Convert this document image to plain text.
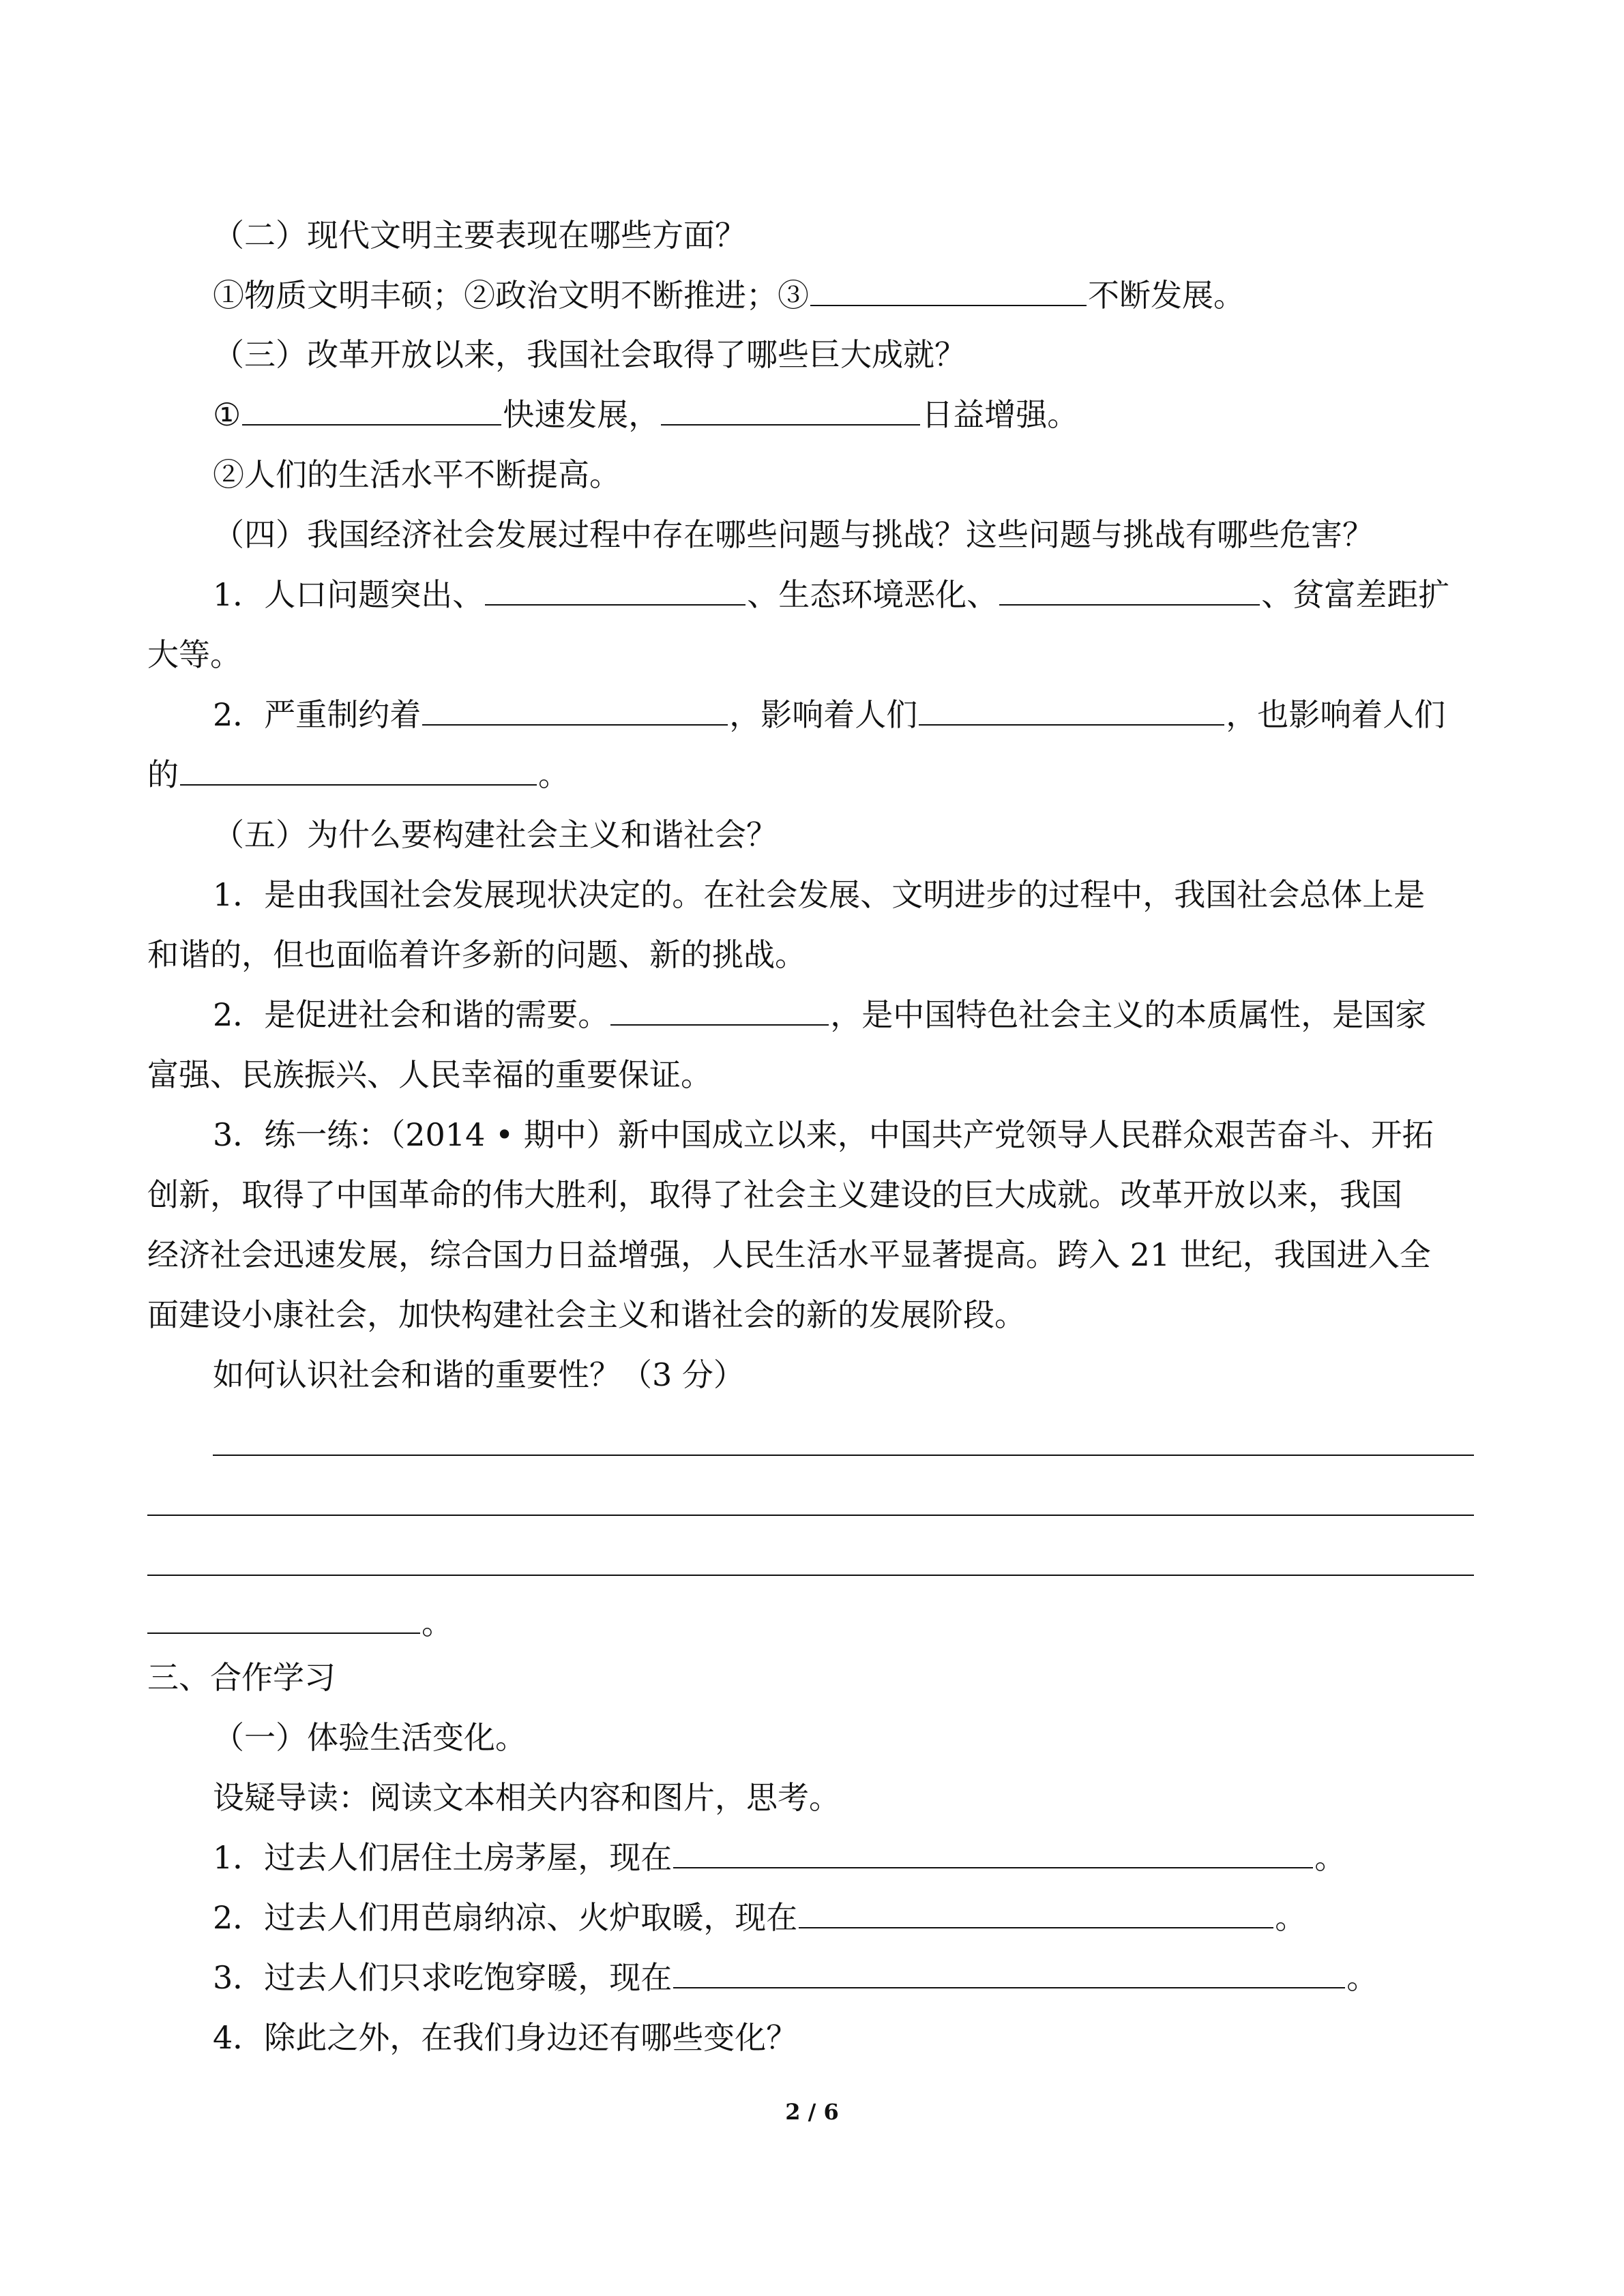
（二）现代文明主要表现在哪些方面？
①物质文明丰硕；②政治文明不断推进；③	不断发展。
（三）改革开放以来，我国社会取得了哪些巨大成就？
①	快速发展，	日益增强。
②人们的生活水平不断提高。
（四）我国经济社会发展过程中存在哪些问题与挑战？这些问题与挑战有哪些危害？
1．人口问题突出、	、生态环境恶化、	、贫富差距扩
大等。
2．严重制约着	，影响着人们	，也影响着人们
的	。
（五）为什么要构建社会主义和谐社会？
1．是由我国社会发展现状决定的。在社会发展、文明进步的过程中，我国社会总体上是
和谐的，但也面临着许多新的问题、新的挑战。
2．是促进社会和谐的需要。	，是中国特色社会主义的本质属性，是国家
富强、民族振兴、人民幸福的重要保证。
3．练一练：（2014 • 期中）新中国成立以来，中国共产党领导人民群众艰苦奋斗、开拓
创新，取得了中国革命的伟大胜利，取得了社会主义建设的巨大成就。改革开放以来，我国
经济社会迅速发展，综合国力日益增强，人民生活水平显著提高。跨入 21 世纪，我国进入全
面建设小康社会，加快构建社会主义和谐社会的新的发展阶段。
如何认识社会和谐的重要性？（3 分）
。
三、合作学习
（一）体验生活变化。
设疑导读：阅读文本相关内容和图片，思考。
1．过去人们居住土房茅屋，现在	。
2．过去人们用芭扇纳凉、火炉取暖，现在	。
3．过去人们只求吃饱穿暖，现在	。
4．除此之外，在我们身边还有哪些变化？
2 / 6
